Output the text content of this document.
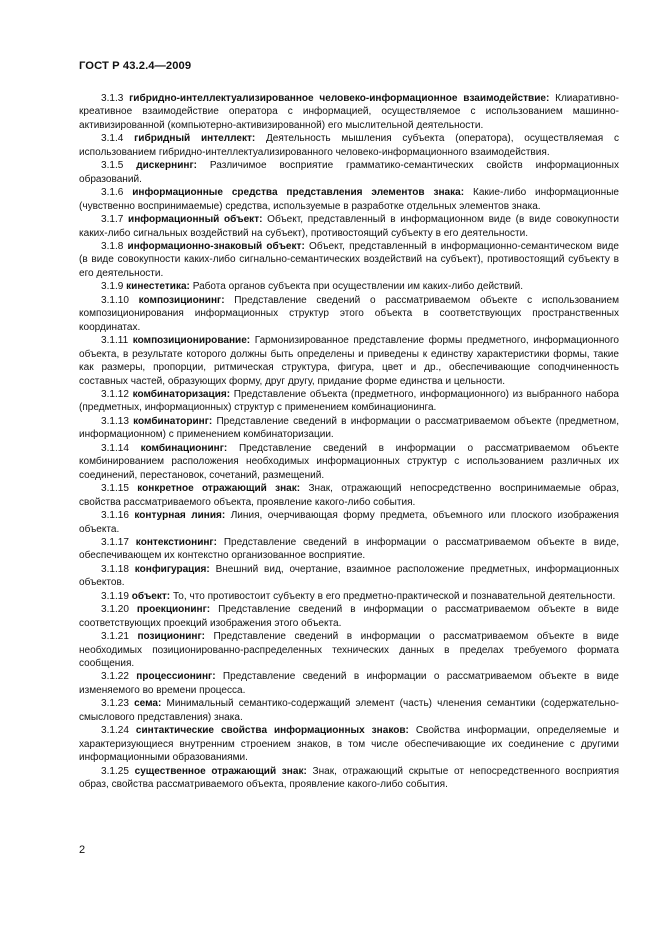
ГОСТ Р 43.2.4—2009

3.1.3 гибридно-интеллектуализированное человеко-информационное взаимодействие: Клиаративно-креативное взаимодействие оператора с информацией, осуществляемое с использованием машинно-активизированной (компьютерно-активизированной) его мыслительной деятельности.

3.1.4 гибридный интеллект: Деятельность мышления субъекта (оператора), осуществляемая с использованием гибридно-интеллектуализированного человеко-информационного взаимодействия.

3.1.5 дискернинг: Различимое восприятие грамматико-семантических свойств информационных образований.

3.1.6 информационные средства представления элементов знака: Какие-либо информационные (чувственно воспринимаемые) средства, используемые в разработке отдельных элементов знака.

3.1.7 информационный объект: Объект, представленный в информационном виде (в виде совокупности каких-либо сигнальных воздействий на субъект), противостоящий субъекту в его деятельности.

3.1.8 информационно-знаковый объект: Объект, представленный в информационно-семантическом виде (в виде совокупности каких-либо сигнально-семантических воздействий на субъект), противостоящий субъекту в его деятельности.

3.1.9 кинестетика: Работа органов субъекта при осуществлении им каких-либо действий.

3.1.10 композиционинг: Представление сведений о рассматриваемом объекте с использованием композиционирования информационных структур этого объекта в соответствующих пространственных координатах.

3.1.11 композиционирование: Гармонизированное представление формы предметного, информационного объекта, в результате которого должны быть определены и приведены к единству характеристики формы, такие как размеры, пропорции, ритмическая структура, фигура, цвет и др., обеспечивающие соподчиненность составных частей, образующих форму, друг другу, придание форме единства и цельности.

3.1.12 комбинаторизация: Представление объекта (предметного, информационного) из выбранного набора (предметных, информационных) структур с применением комбинационинга.

3.1.13 комбинаторинг: Представление сведений в информации о рассматриваемом объекте (предметном, информационном) с применением комбинаторизации.

3.1.14 комбинационинг: Представление сведений в информации о рассматриваемом объекте комбинированием расположения необходимых информационных структур с использованием различных их соединений, перестановок, сочетаний, размещений.

3.1.15 конкретное отражающий знак: Знак, отражающий непосредственно воспринимаемые образ, свойства рассматриваемого объекта, проявление какого-либо события.

3.1.16 контурная линия: Линия, очерчивающая форму предмета, объемного или плоского изображения объекта.

3.1.17 контекстионинг: Представление сведений в информации о рассматриваемом объекте в виде, обеспечивающем их контекстно организованное восприятие.

3.1.18 конфигурация: Внешний вид, очертание, взаимное расположение предметных, информационных объектов.

3.1.19 объект: То, что противостоит субъекту в его предметно-практической и познавательной деятельности.

3.1.20 проекционинг: Представление сведений в информации о рассматриваемом объекте в виде соответствующих проекций изображения этого объекта.

3.1.21 позиционинг: Представление сведений в информации о рассматриваемом объекте в виде необходимых позиционированно-распределенных технических данных в пределах требуемого формата сообщения.

3.1.22 процессионинг: Представление сведений в информации о рассматриваемом объекте в виде изменяемого во времени процесса.

3.1.23 сема: Минимальный семантико-содержащий элемент (часть) членения семантики (содержательно-смыслового представления) знака.

3.1.24 синтактические свойства информационных знаков: Свойства информации, определяемые и характеризующиеся внутренним строением знаков, в том числе обеспечивающие их соединение с другими информационными образованиями.

3.1.25 существенное отражающий знак: Знак, отражающий скрытые от непосредственного восприятия образ, свойства рассматриваемого объекта, проявление какого-либо события.

2
